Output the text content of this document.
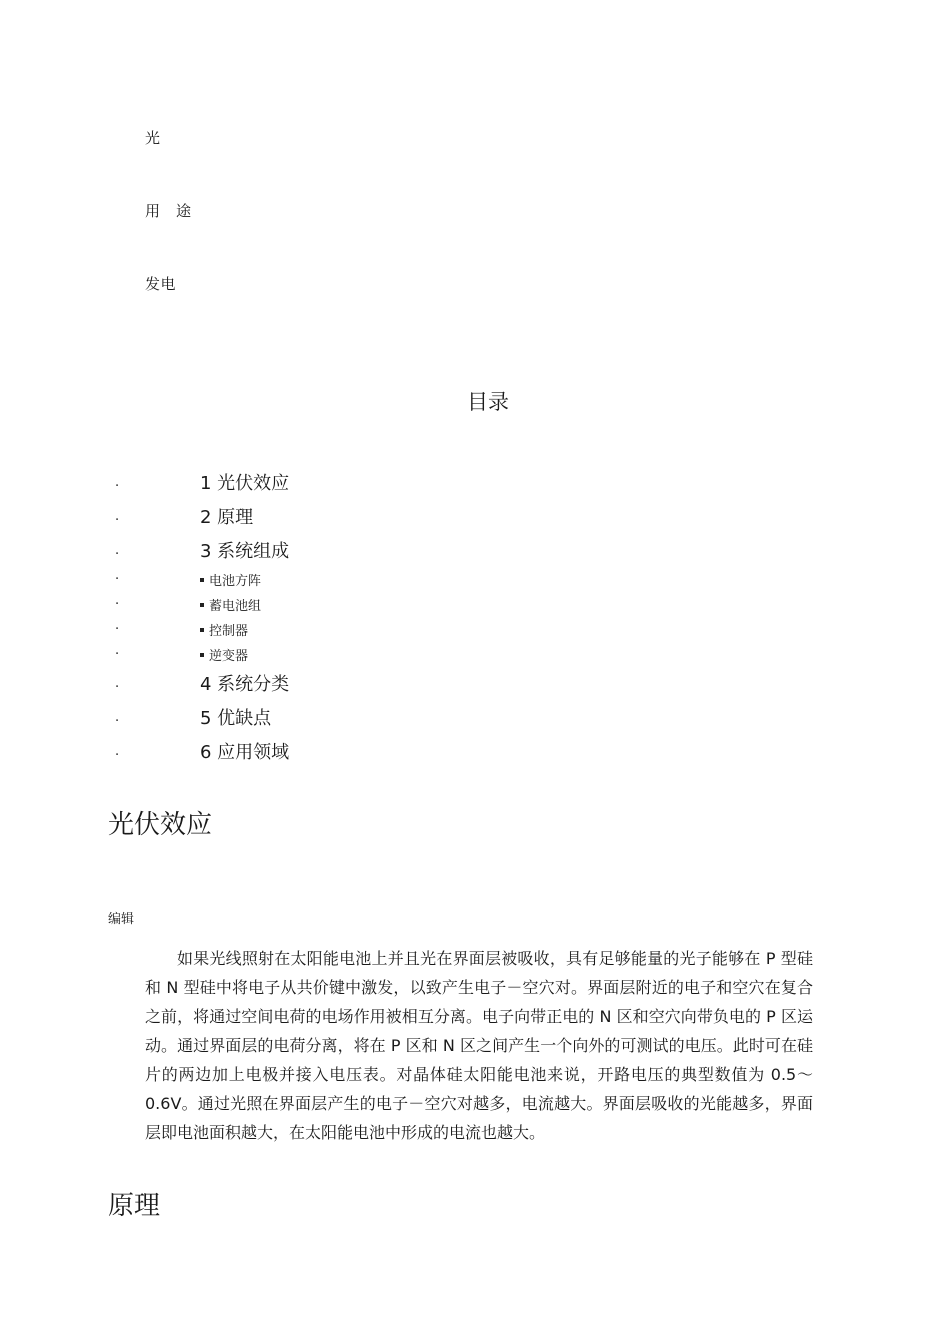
光
用　途
发电
目录
.	1 光伏效应
.	2 原理
.	3 系统组成
·	电池方阵
·	蓄电池组
·	控制器
·	逆变器
.	4 系统分类
.	5 优缺点
.	6 应用领域
光伏效应
编辑
如果光线照射在太阳能电池上并且光在界面层被吸收，具有足够能量的光子能够在 P 型硅和 N 型硅中将电子从共价键中激发，以致产生电子－空穴对。界面层附近的电子和空穴在复合之前，将通过空间电荷的电场作用被相互分离。电子向带正电的 N 区和空穴向带负电的 P 区运动。通过界面层的电荷分离，将在 P 区和 N 区之间产生一个向外的可测试的电压。此时可在硅片的两边加上电极并接入电压表。对晶体硅太阳能电池来说，开路电压的典型数值为 0.5～0.6V。通过光照在界面层产生的电子－空穴对越多，电流越大。界面层吸收的光能越多，界面层即电池面积越大，在太阳能电池中形成的电流也越大。
原理
